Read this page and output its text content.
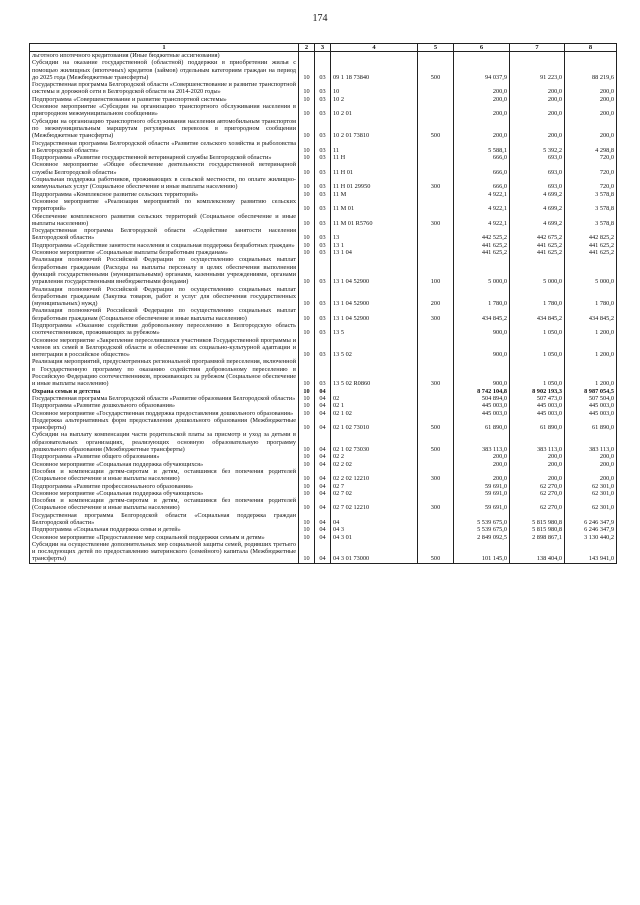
174
1	2	3	4	5	6	7	8
льготного ипотечного кредитования (Иные бюджетные ассигнования)							
Субсидии на оказание государственной (областной) поддержки в приобретении жилья с помощью жилищных (ипотечных) кредитов (займов) отдельным категориям граждан на период до 2025 года (Межбюджетные трансферты)	10	03	09 1 18 73840	500	94 037,9	91 223,0	88 219,6
Государственная программа Белгородской области «Совершенствование и развитие транспортной системы и дорожной сети в Белгородской области на 2014-2020 годы»	10	03	10		200,0	200,0	200,0
Подпрограмма «Совершенствование и развитие транспортной системы»	10	03	10 2		200,0	200,0	200,0
Основное мероприятие «Субсидии на организацию транспортного обслуживания населения в пригородном межмуниципальном сообщении»	10	03	10 2 01		200,0	200,0	200,0
Субсидии на организацию транспортного обслуживания населения автомобильным транспортом по межмуниципальным маршрутам регулярных перевозок в пригородном сообщении (Межбюджетные трансферты)	10	03	10 2 01 73810	500	200,0	200,0	200,0
Государственная программа Белгородской области «Развитие сельского хозяйства и рыболовства в Белгородской области»	10	03	11		5 588,1	5 392,2	4 298,8
Подпрограмма «Развитие государственной ветеринарной службы Белгородской области»	10	03	11 Н		666,0	693,0	720,0
Основное мероприятие «Общее обеспечение деятельности государственной ветеринарной службы Белгородской области»	10	03	11 Н 01		666,0	693,0	720,0
Социальная поддержка работников, проживающих в сельской местности, по оплате жилищно-коммунальных услуг (Социальное обеспечение и иные выплаты населению)	10	03	11 Н 01 29950	300	666,0	693,0	720,0
Подпрограмма «Комплексное развитие сельских территорий»	10	03	11 М		4 922,1	4 699,2	3 578,8
Основное мероприятие «Реализация мероприятий по комплексному развитию сельских территорий»	10	03	11 М 01		4 922,1	4 699,2	3 578,8
Обеспечение комплексного развития сельских территорий (Социальное обеспечение и иные выплаты населению)	10	03	11 М 01 R5760	300	4 922,1	4 699,2	3 578,8
Государственная программа Белгородской области «Содействие занятости населения Белгородской области»	10	03	13		442 525,2	442 675,2	442 825,2
Подпрограмма «Содействие занятости населения и социальная поддержка безработных граждан»	10	03	13 1		441 625,2	441 625,2	441 625,2
Основное мероприятие «Социальные выплаты безработным гражданам»	10	03	13 1 04		441 625,2	441 625,2	441 625,2
Реализация полномочий Российской Федерации по осуществлению социальных выплат безработным гражданам (Расходы на выплаты персоналу в целях обеспечения выполнения функций государственными (муниципальными) органами, казенными учреждениями, органами управления государственными внебюджетными фондами)	10	03	13 1 04 52900	100	5 000,0	5 000,0	5 000,0
Реализация полномочий Российской Федерации по осуществлению социальных выплат безработным гражданам (Закупка товаров, работ и услуг для обеспечения государственных (муниципальных) нужд)	10	03	13 1 04 52900	200	1 780,0	1 780,0	1 780,0
Реализация полномочий Российской Федерации по осуществлению социальных выплат безработным гражданам (Социальное обеспечение и иные выплаты населению)	10	03	13 1 04 52900	300	434 845,2	434 845,2	434 845,2
Подпрограмма «Оказание содействия добровольному переселению в Белгородскую область соотечественников, проживающих за рубежом»	10	03	13 5		900,0	1 050,0	1 200,0
Основное мероприятие «Закрепление переселившихся участников Государственной программы и членов их семей в Белгородской области и обеспечение их социально-культурной адаптации и интеграции в российское общество»	10	03	13 5 02		900,0	1 050,0	1 200,0
Реализация мероприятий, предусмотренных региональной программой переселения, включенной в Государственную программу по оказанию содействия добровольному переселению в Российскую Федерацию соотечественников, проживающих за рубежом (Социальное обеспечение и иные выплаты населению)	10	03	13 5 02 R0860	300	900,0	1 050,0	1 200,0
Охрана семьи и детства	10	04			8 742 104,8	8 902 193,3	8 987 054,5
Государственная программа Белгородской области «Развитие образования Белгородской области»	10	04	02		504 894,0	507 473,0	507 504,0
Подпрограмма «Развитие дошкольного образования»	10	04	02 1		445 003,0	445 003,0	445 003,0
Основное мероприятие «Государственная поддержка предоставления дошкольного образования»	10	04	02 1 02		445 003,0	445 003,0	445 003,0
Поддержка альтернативных форм предоставления дошкольного образования (Межбюджетные трансферты)	10	04	02 1 02 73010	500	61 890,0	61 890,0	61 890,0
Субсидии на выплату компенсации части родительской платы за присмотр и уход за детьми в образовательных организациях, реализующих основную образовательную программу дошкольного образования (Межбюджетные трансферты)	10	04	02 1 02 73030	500	383 113,0	383 113,0	383 113,0
Подпрограмма «Развитие общего образования»	10	04	02 2		200,0	200,0	200,0
Основное мероприятие «Социальная поддержка обучающихся»	10	04	02 2 02		200,0	200,0	200,0
Пособия и компенсации детям-сиротам и детям, оставшимся без попечения родителей (Социальное обеспечение и иные выплаты населению)	10	04	02 2 02 12210	300	200,0	200,0	200,0
Подпрограмма «Развитие профессионального образования»	10	04	02 7		59 691,0	62 270,0	62 301,0
Основное мероприятие «Социальная поддержка обучающихся»	10	04	02 7 02		59 691,0	62 270,0	62 301,0
Пособия и компенсации детям-сиротам и детям, оставшимся без попечения родителей (Социальное обеспечение и иные выплаты населению)	10	04	02 7 02 12210	300	59 691,0	62 270,0	62 301,0
Государственная программа Белгородской области «Социальная поддержка граждан Белгородской области»	10	04	04		5 539 675,0	5 815 980,8	6 246 347,9
Подпрограмма «Социальная поддержка семьи и детей»	10	04	04 3		5 539 675,0	5 815 980,8	6 246 347,9
Основное мероприятие «Предоставление мер социальной поддержки семьям и детям»	10	04	04 3 01		2 849 092,5	2 898 867,1	3 130 440,2
Субсидии на осуществление дополнительных мер социальной защиты семей, родивших третьего и последующих детей по предоставлению материнского (семейного) капитала (Межбюджетные трансферты)	10	04	04 3 01 73000	500	101 145,0	138 404,0	143 941,0
